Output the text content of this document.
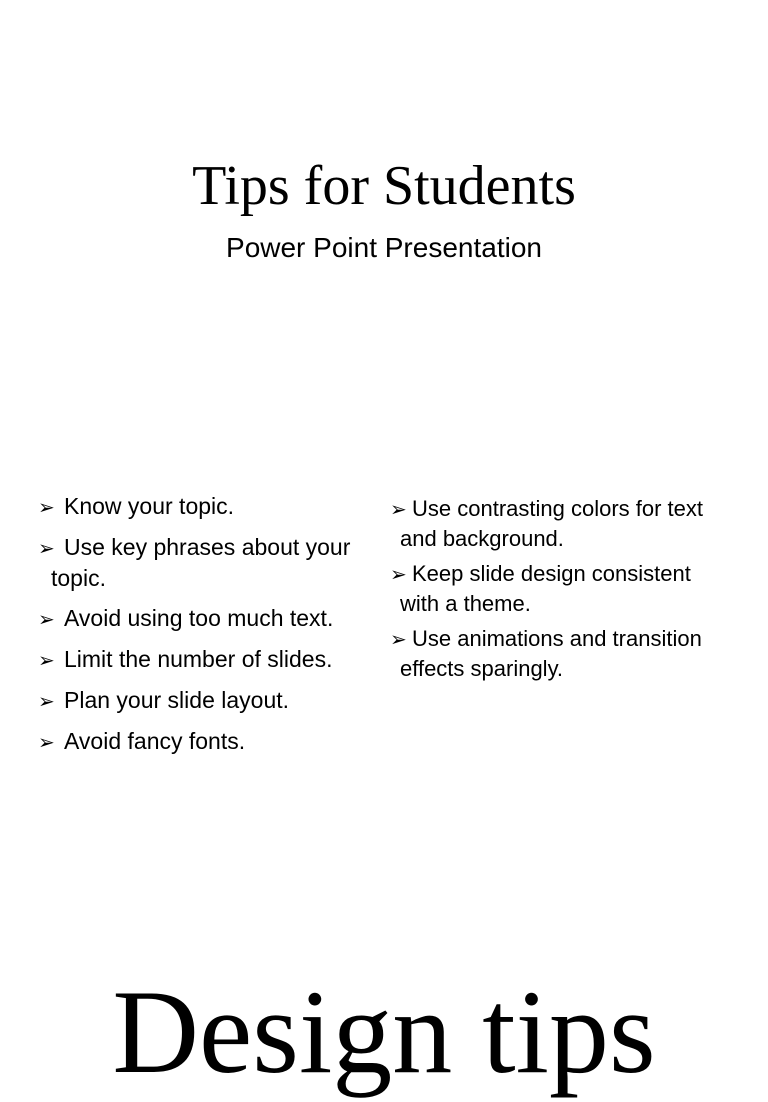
Tips for Students
Power Point Presentation
➢ Know your topic.
➢ Use key phrases about your topic.
➢ Avoid using too much text.
➢ Limit the number of slides.
➢ Plan your slide layout.
➢ Avoid fancy fonts.
➢ Use contrasting colors for text and background.
➢ Keep slide design consistent with a theme.
➢ Use animations and transition effects sparingly.
Design tips
